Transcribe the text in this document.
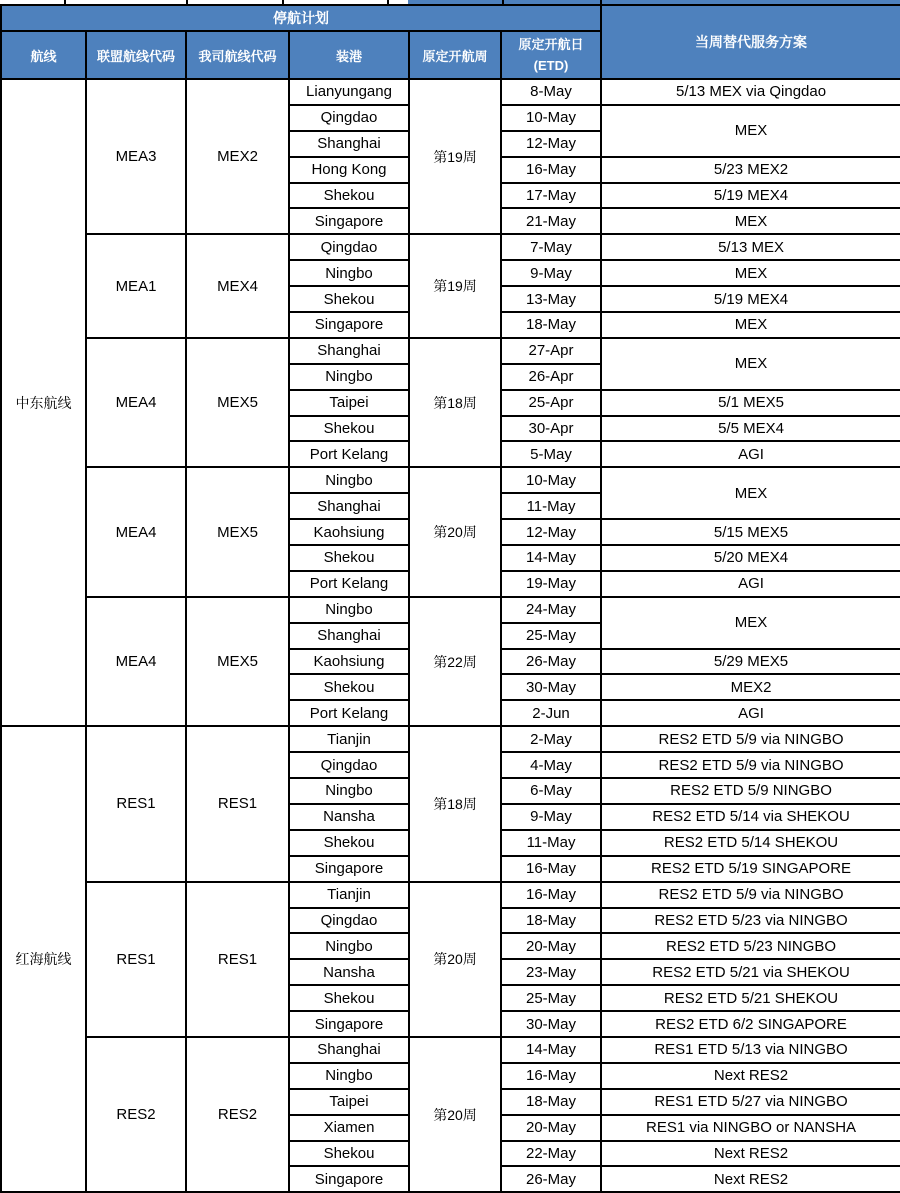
停航计划						当周替代服务方案
航线	联盟航线代码	我司航线代码	装港	原定开航周	原定开航日
(ETD)	

中东航线	MEA3	MEX2	Lianyungang	第19周	8-May	5/13 MEX via Qingdao
			Qingdao		10-May	MEX
			Shanghai		12-May	
			Hong Kong		16-May	5/23 MEX2
			Shekou		17-May	5/19 MEX4
			Singapore		21-May	MEX
	MEA1	MEX4	Qingdao	第19周	7-May	5/13 MEX
			Ningbo		9-May	MEX
			Shekou		13-May	5/19 MEX4
			Singapore		18-May	MEX
	MEA4	MEX5	Shanghai	第18周	27-Apr	MEX
			Ningbo		26-Apr	
			Taipei		25-Apr	5/1 MEX5
			Shekou		30-Apr	5/5 MEX4
			Port Kelang		5-May	AGI
	MEA4	MEX5	Ningbo	第20周	10-May	MEX
			Shanghai		11-May	
			Kaohsiung		12-May	5/15 MEX5
			Shekou		14-May	5/20 MEX4
			Port Kelang		19-May	AGI
	MEA4	MEX5	Ningbo	第22周	24-May	MEX
			Shanghai		25-May	
			Kaohsiung		26-May	5/29 MEX5
			Shekou		30-May	MEX2
			Port Kelang		2-Jun	AGI
红海航线	RES1	RES1	Tianjin	第18周	2-May	RES2 ETD 5/9 via NINGBO
			Qingdao		4-May	RES2 ETD 5/9 via NINGBO
			Ningbo		6-May	RES2 ETD 5/9 NINGBO
			Nansha		9-May	RES2 ETD 5/14 via SHEKOU
			Shekou		11-May	RES2 ETD 5/14 SHEKOU
			Singapore		16-May	RES2 ETD 5/19 SINGAPORE
	RES1	RES1	Tianjin	第20周	16-May	RES2 ETD 5/9 via NINGBO
			Qingdao		18-May	RES2 ETD 5/23 via NINGBO
			Ningbo		20-May	RES2 ETD 5/23 NINGBO
			Nansha		23-May	RES2 ETD 5/21 via SHEKOU
			Shekou		25-May	RES2 ETD 5/21 SHEKOU
			Singapore		30-May	RES2 ETD 6/2 SINGAPORE
	RES2	RES2	Shanghai	第20周	14-May	RES1 ETD 5/13 via NINGBO
			Ningbo		16-May	Next RES2
			Taipei		18-May	RES1 ETD 5/27 via NINGBO
			Xiamen		20-May	RES1 via NINGBO or NANSHA
			Shekou		22-May	Next RES2
			Singapore		26-May	Next RES2
